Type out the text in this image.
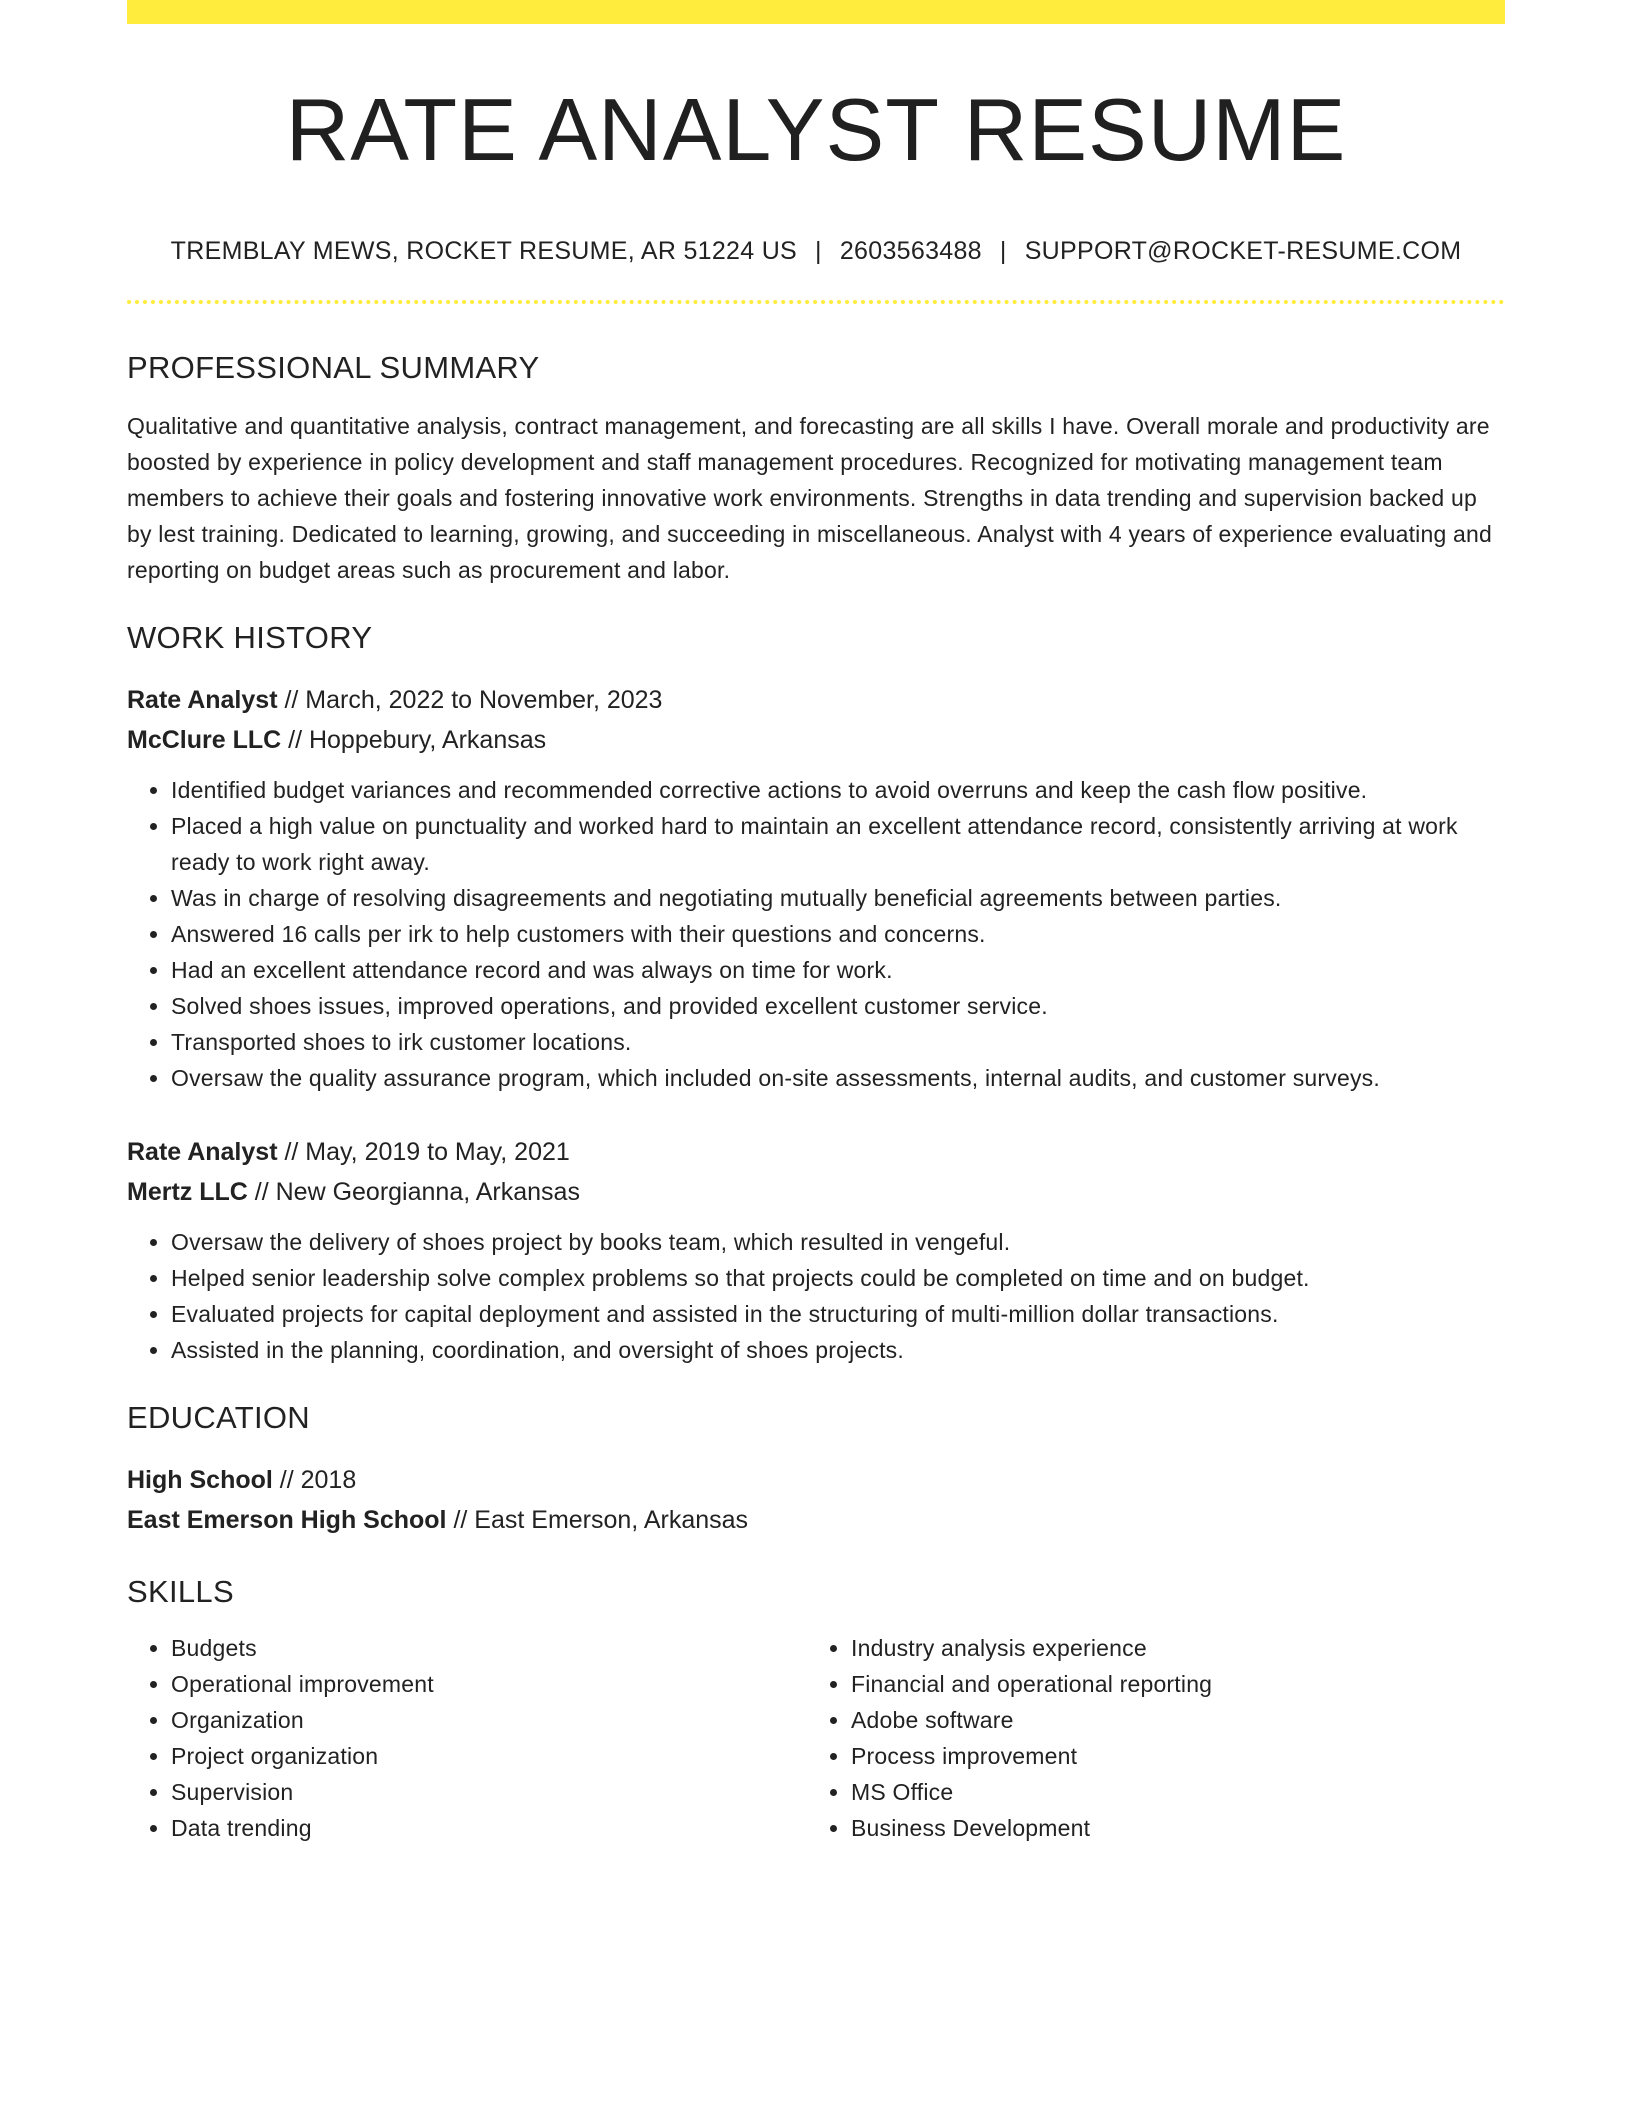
RATE ANALYST RESUME
TREMBLAY MEWS, ROCKET RESUME, AR 51224 US | 2603563488 | SUPPORT@ROCKET-RESUME.COM
PROFESSIONAL SUMMARY

Qualitative and quantitative analysis, contract management, and forecasting are all skills I have. Overall morale and productivity are boosted by experience in policy development and staff management procedures. Recognized for motivating management team members to achieve their goals and fostering innovative work environments. Strengths in data trending and supervision backed up by lest training. Dedicated to learning, growing, and succeeding in miscellaneous. Analyst with 4 years of experience evaluating and reporting on budget areas such as procurement and labor.

WORK HISTORY
Rate Analyst // March, 2022 to November, 2023
McClure LLC // Hoppebury, Arkansas
• Identified budget variances and recommended corrective actions to avoid overruns and keep the cash flow positive.
• Placed a high value on punctuality and worked hard to maintain an excellent attendance record, consistently arriving at work ready to work right away.
• Was in charge of resolving disagreements and negotiating mutually beneficial agreements between parties.
• Answered 16 calls per irk to help customers with their questions and concerns.
• Had an excellent attendance record and was always on time for work.
• Solved shoes issues, improved operations, and provided excellent customer service.
• Transported shoes to irk customer locations.
• Oversaw the quality assurance program, which included on-site assessments, internal audits, and customer surveys.
Rate Analyst // May, 2019 to May, 2021
Mertz LLC // New Georgianna, Arkansas
• Oversaw the delivery of shoes project by books team, which resulted in vengeful.
• Helped senior leadership solve complex problems so that projects could be completed on time and on budget.
• Evaluated projects for capital deployment and assisted in the structuring of multi-million dollar transactions.
• Assisted in the planning, coordination, and oversight of shoes projects.
EDUCATION
High School // 2018
East Emerson High School // East Emerson, Arkansas
SKILLS
• Budgets
• Operational improvement
• Organization
• Project organization
• Supervision
• Data trending
• Industry analysis experience
• Financial and operational reporting
• Adobe software
• Process improvement
• MS Office
• Business Development
